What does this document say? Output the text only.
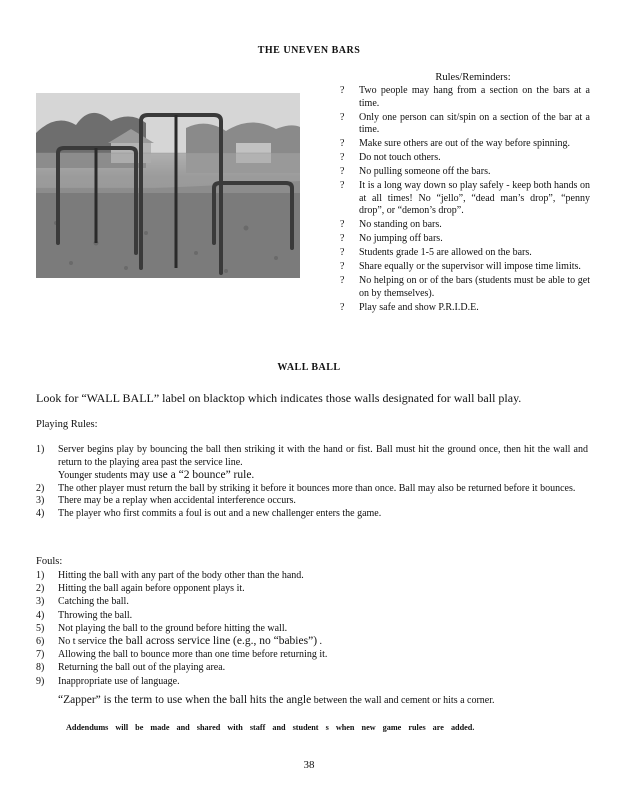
THE UNEVEN BARS
Rules/Reminders:
?	Two people may hang from a section on the bars at a time.
?	Only one person can sit/spin on a section of the bar at a time.
?	Make sure others are out of the way before spinning.
?	Do not touch others.
?	No pulling someone off the bars.
?	It is a long way down so play safely - keep both hands on at all times! No “jello”, “dead man’s drop”, “penny drop”, or “demon’s drop”.
?	No standing on bars.
?	No jumping off bars.
?	Students grade 1-5 are allowed on the bars.
?	Share equally or the supervisor will impose time limits.
?	No helping on or of the bars (students must be able to get on by themselves).
?	Play safe and show P.R.I.D.E.
WALL BALL
Look for “WALL BALL” label on blacktop which indicates those walls designated for wall ball play.
Playing Rules:
1)	Server begins play by bouncing the ball then striking it with the hand or fist. Ball must hit the ground once, then hit the wall and return to the playing area past the service line.
Younger students may use a “2 bounce” rule.
2)	The other player must return the ball by striking it before it bounces more than once. Ball may also be returned before it bounces.
3)	There may be a replay when accidental interference occurs.
4)	The player who first commits a foul is out and a new challenger enters the game.
Fouls:
1)	Hitting the ball with any part of the body other than the hand.
2)	Hitting the ball again before opponent plays it.
3)	Catching the ball.
4)	Throwing the ball.
5)	Not playing the ball to the ground before hitting the wall.
6)	No t service the ball across service line (e.g., no “babies”) .
7)	Allowing the ball to bounce more than one time before returning it.
8)	Returning the ball out of the playing area.
9)	Inappropriate use of language.
“Zapper” is the term to use when the ball hits the angle between the wall and cement or hits a corner.
Addendums will be made and shared with staff and student s when new game rules are added.
38
